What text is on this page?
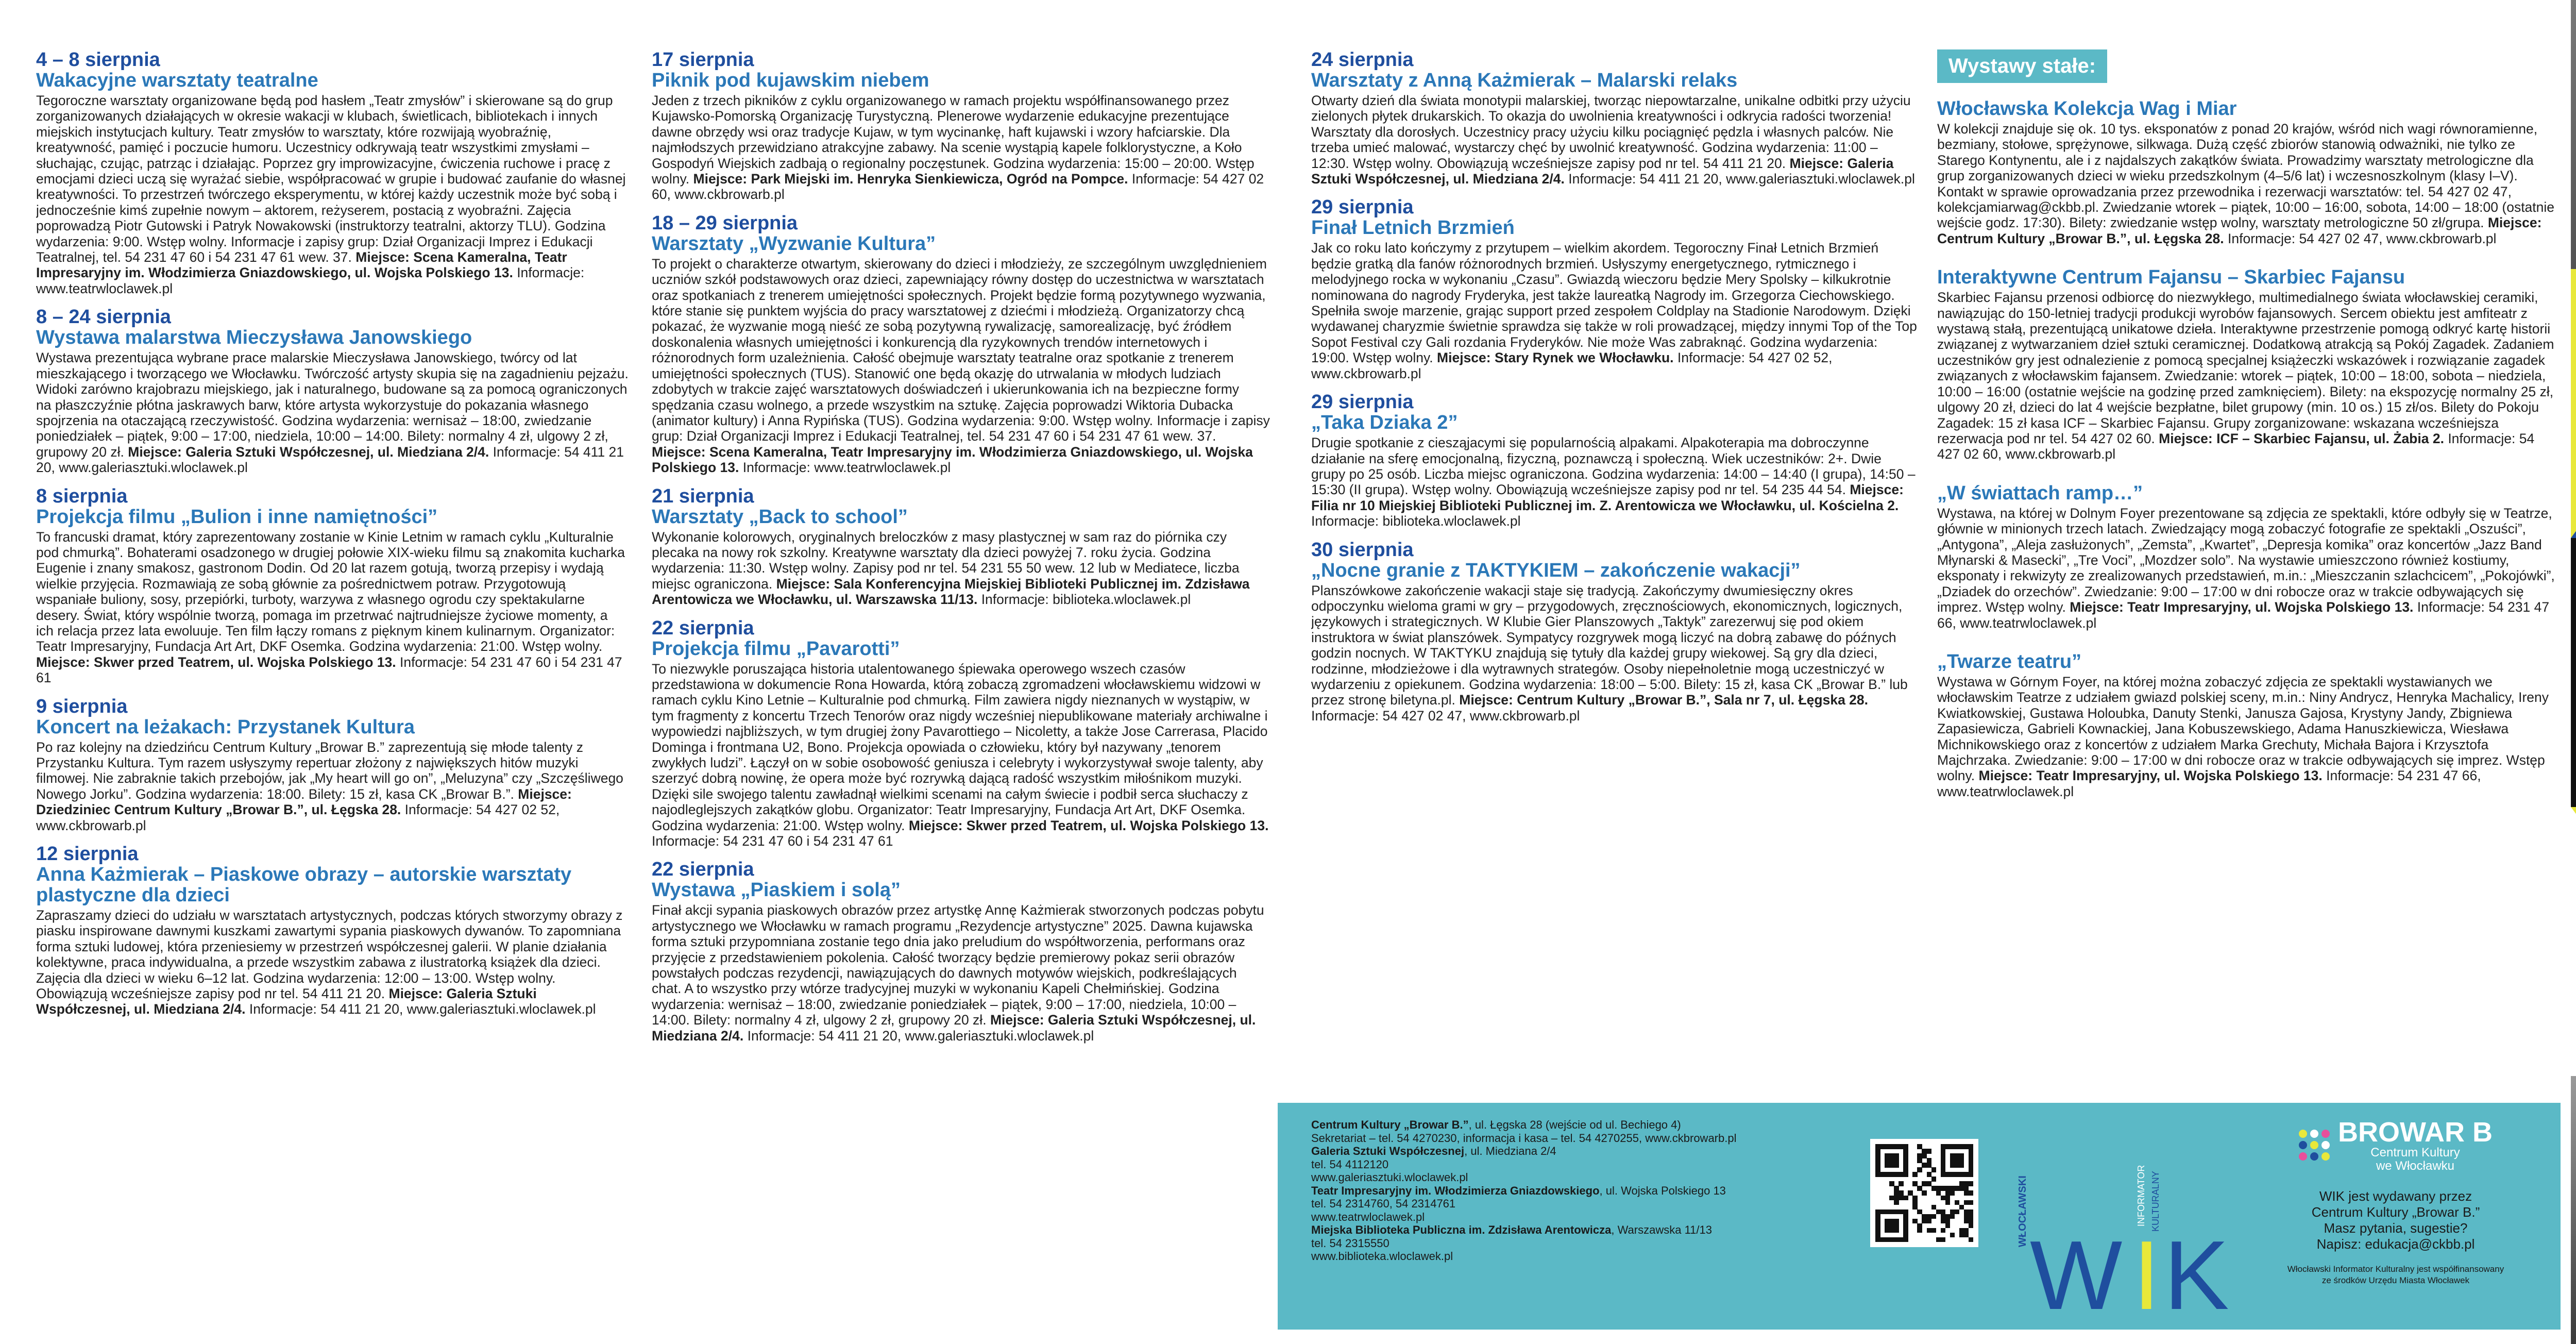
4 – 8 sierpnia
Wakacyjne warsztaty teatralne
Tegoroczne warsztaty organizowane będą pod hasłem „Teatr zmysłów” i skierowane są do grup zorganizowanych działających w okresie wakacji w klubach, świetlicach, bibliotekach i innych miejskich instytucjach kultury. Teatr zmysłów to warsztaty, które rozwijają wyobraźnię, kreatywność, pamięć i poczucie humoru. Uczestnicy odkrywają teatr wszystkimi zmysłami – słuchając, czując, patrząc i działając. Poprzez gry improwizacyjne, ćwiczenia ruchowe i pracę z emocjami dzieci uczą się wyrażać siebie, współpracować w grupie i budować zaufanie do własnej kreatywności. To przestrzeń twórczego eksperymentu, w której każdy uczestnik może być sobą i jednocześnie kimś zupełnie nowym – aktorem, reżyserem, postacią z wyobraźni. Zajęcia poprowadzą Piotr Gutowski i Patryk Nowakowski (instruktorzy teatralni, aktorzy TLU). Godzina wydarzenia: 9:00. Wstęp wolny. Informacje i zapisy grup: Dział Organizacji Imprez i Edukacji Teatralnej, tel. 54 231 47 60 i 54 231 47 61 wew. 37. Miejsce: Scena Kameralna, Teatr Impresaryjny im. Włodzimierza Gniazdowskiego, ul. Wojska Polskiego 13. Informacje: www.teatrwloclawek.pl
8 – 24 sierpnia
Wystawa malarstwa Mieczysława Janowskiego
Wystawa prezentująca wybrane prace malarskie Mieczysława Janowskiego, twórcy od lat mieszkającego i tworzącego we Włocławku. Twórczość artysty skupia się na zagadnieniu pejzażu. Widoki zarówno krajobrazu miejskiego, jak i naturalnego, budowane są za pomocą ograniczonych na płaszczyźnie płótna jaskrawych barw, które artysta wykorzystuje do pokazania własnego spojrzenia na otaczającą rzeczywistość. Godzina wydarzenia: wernisaż – 18:00, zwiedzanie poniedziałek – piątek, 9:00 – 17:00, niedziela, 10:00 – 14:00. Bilety: normalny 4 zł, ulgowy 2 zł, grupowy 20 zł. Miejsce: Galeria Sztuki Współczesnej, ul. Miedziana 2/4. Informacje: 54 411 21 20, www.galeriasztuki.wloclawek.pl
8 sierpnia
Projekcja filmu „Bulion i inne namiętności”
To francuski dramat, który zaprezentowany zostanie w Kinie Letnim w ramach cyklu „Kulturalnie pod chmurką”. Bohaterami osadzonego w drugiej połowie XIX-wieku filmu są znakomita kucharka Eugenie i znany smakosz, gastronom Dodin. Od 20 lat razem gotują, tworzą przepisy i wydają wielkie przyjęcia. Rozmawiają ze sobą głównie za pośrednictwem potraw. Przygotowują wspaniałe buliony, sosy, przepiórki, turboty, warzywa z własnego ogrodu czy spektakularne desery. Świat, który wspólnie tworzą, pomaga im przetrwać najtrudniejsze życiowe momenty, a ich relacja przez lata ewoluuje. Ten film łączy romans z pięknym kinem kulinarnym. Organizator: Teatr Impresaryjny, Fundacja Art Art, DKF Osemka. Godzina wydarzenia: 21:00. Wstęp wolny. Miejsce: Skwer przed Teatrem, ul. Wojska Polskiego 13. Informacje: 54 231 47 60 i 54 231 47 61
9 sierpnia
Koncert na leżakach: Przystanek Kultura
Po raz kolejny na dziedzińcu Centrum Kultury „Browar B.” zaprezentują się młode talenty z Przystanku Kultura. Tym razem usłyszymy repertuar złożony z największych hitów muzyki filmowej. Nie zabraknie takich przebojów, jak „My heart will go on”, „Meluzyna” czy „Szczęśliwego Nowego Jorku”. Godzina wydarzenia: 18:00. Bilety: 15 zł, kasa CK „Browar B.”. Miejsce: Dziedziniec Centrum Kultury „Browar B.”, ul. Łęgska 28. Informacje: 54 427 02 52, www.ckbrowarb.pl
12 sierpnia
Anna Każmierak – Piaskowe obrazy – autorskie warsztaty plastyczne dla dzieci
Zapraszamy dzieci do udziału w warsztatach artystycznych, podczas których stworzymy obrazy z piasku inspirowane dawnymi kuszkami zawartymi sypania piaskowych dywanów. To zapomniana forma sztuki ludowej, która przeniesiemy w przestrzeń współczesnej galerii. W planie działania kolektywne, praca indywidualna, a przede wszystkim zabawa z ilustratorką książek dla dzieci. Zajęcia dla dzieci w wieku 6–12 lat. Godzina wydarzenia: 12:00 – 13:00. Wstęp wolny. Obowiązują wcześniejsze zapisy pod nr tel. 54 411 21 20. Miejsce: Galeria Sztuki Współczesnej, ul. Miedziana 2/4. Informacje: 54 411 21 20, www.galeriasztuki.wloclawek.pl
17 sierpnia
Piknik pod kujawskim niebem
Jeden z trzech pikników z cyklu organizowanego w ramach projektu współfinansowanego przez Kujawsko-Pomorską Organizację Turystyczną. Plenerowe wydarzenie edukacyjne prezentujące dawne obrzędy wsi oraz tradycje Kujaw, w tym wycinankę, haft kujawski i wzory hafciarskie. Dla najmłodszych przewidziano atrakcyjne zabawy. Na scenie wystąpią kapele folklorystyczne, a Koło Gospodyń Wiejskich zadbają o regionalny poczęstunek. Godzina wydarzenia: 15:00 – 20:00. Wstęp wolny. Miejsce: Park Miejski im. Henryka Sienkiewicza, Ogród na Pompce. Informacje: 54 427 02 60, www.ckbrowarb.pl
18 – 29 sierpnia
Warsztaty „Wyzwanie Kultura”
To projekt o charakterze otwartym, skierowany do dzieci i młodzieży, ze szczególnym uwzględnieniem uczniów szkół podstawowych oraz dzieci, zapewniający równy dostęp do uczestnictwa w warsztatach oraz spotkaniach z trenerem umiejętności społecznych. Projekt będzie formą pozytywnego wyzwania, które stanie się punktem wyjścia do pracy warsztatowej z dziećmi i młodzieżą. Organizatorzy chcą pokazać, że wyzwanie mogą nieść ze sobą pozytywną rywalizację, samorealizację, być źródłem doskonalenia własnych umiejętności i konkurencją dla ryzykownych trendów internetowych i różnorodnych form uzależnienia. Całość obejmuje warsztaty teatralne oraz spotkanie z trenerem umiejętności społecznych (TUS). Stanowić one będą okazję do utrwalania w młodych ludziach zdobytych w trakcie zajęć warsztatowych doświadczeń i ukierunkowania ich na bezpieczne formy spędzania czasu wolnego, a przede wszystkim na sztukę. Zajęcia poprowadzi Wiktoria Dubacka (animator kultury) i Anna Rypińska (TUS). Godzina wydarzenia: 9:00. Wstęp wolny. Informacje i zapisy grup: Dział Organizacji Imprez i Edukacji Teatralnej, tel. 54 231 47 60 i 54 231 47 61 wew. 37. Miejsce: Scena Kameralna, Teatr Impresaryjny im. Włodzimierza Gniazdowskiego, ul. Wojska Polskiego 13. Informacje: www.teatrwloclawek.pl
21 sierpnia
Warsztaty „Back to school”
Wykonanie kolorowych, oryginalnych breloczków z masy plastycznej w sam raz do piórnika czy plecaka na nowy rok szkolny. Kreatywne warsztaty dla dzieci powyżej 7. roku życia. Godzina wydarzenia: 11:30. Wstęp wolny. Zapisy pod nr tel. 54 231 55 50 wew. 12 lub w Mediatece, liczba miejsc ograniczona. Miejsce: Sala Konferencyjna Miejskiej Biblioteki Publicznej im. Zdzisława Arentowicza we Włocławku, ul. Warszawska 11/13. Informacje: biblioteka.wloclawek.pl
22 sierpnia
Projekcja filmu „Pavarotti”
To niezwykle poruszająca historia utalentowanego śpiewaka operowego wszech czasów przedstawiona w dokumencie Rona Howarda, którą zobaczą zgromadzeni włocławskiemu widzowi w ramach cyklu Kino Letnie – Kulturalnie pod chmurką. Film zawiera nigdy nieznanych w wystąpiw, w tym fragmenty z koncertu Trzech Tenorów oraz nigdy wcześniej niepublikowane materiały archiwalne i wypowiedzi najbliższych, w tym drugiej żony Pavarottiego – Nicoletty, a także Jose Carrerasa, Placido Dominga i frontmana U2, Bono. Projekcja opowiada o człowieku, który był nazywany „tenorem zwykłych ludzi”. Łączył on w sobie osobowość geniusza i celebryty i wykorzystywał swoje talenty, aby szerzyć dobrą nowinę, że opera może być rozrywką dającą radość wszystkim miłośnikom muzyki. Dzięki sile swojego talentu zawładnął wielkimi scenami na całym świecie i podbił serca słuchaczy z najodleglejszych zakątków globu. Organizator: Teatr Impresaryjny, Fundacja Art Art, DKF Osemka. Godzina wydarzenia: 21:00. Wstęp wolny. Miejsce: Skwer przed Teatrem, ul. Wojska Polskiego 13. Informacje: 54 231 47 60 i 54 231 47 61
22 sierpnia
Wystawa „Piaskiem i solą”
Finał akcji sypania piaskowych obrazów przez artystkę Annę Każmierak stworzonych podczas pobytu artystycznego we Włocławku w ramach programu „Rezydencje artystyczne” 2025. Dawna kujawska forma sztuki przypomniana zostanie tego dnia jako preludium do współtworzenia, performans oraz przyjęcie z przedstawieniem pokolenia. Całość tworzący będzie premierowy pokaz serii obrazów powstałych podczas rezydencji, nawiązujących do dawnych motywów wiejskich, podkreślających chat. A to wszystko przy wtórze tradycyjnej muzyki w wykonaniu Kapeli Chełmińskiej. Godzina wydarzenia: wernisaż – 18:00, zwiedzanie poniedziałek – piątek, 9:00 – 17:00, niedziela, 10:00 – 14:00. Bilety: normalny 4 zł, ulgowy 2 zł, grupowy 20 zł. Miejsce: Galeria Sztuki Współczesnej, ul. Miedziana 2/4. Informacje: 54 411 21 20, www.galeriasztuki.wloclawek.pl
24 sierpnia
Warsztaty z Anną Każmierak – Malarski relaks
Otwarty dzień dla świata monotypii malarskiej, tworząc niepowtarzalne, unikalne odbitki przy użyciu zielonych płytek drukarskich. To okazja do uwolnienia kreatywności i odkrycia radości tworzenia! Warsztaty dla dorosłych. Uczestnicy pracy użyciu kilku pociągnięć pędzla i własnych palców. Nie trzeba umieć malować, wystarczy chęć by uwolnić kreatywność. Godzina wydarzenia: 11:00 – 12:30. Wstęp wolny. Obowiązują wcześniejsze zapisy pod nr tel. 54 411 21 20. Miejsce: Galeria Sztuki Współczesnej, ul. Miedziana 2/4. Informacje: 54 411 21 20, www.galeriasztuki.wloclawek.pl
29 sierpnia
Finał Letnich Brzmień
Jak co roku lato kończymy z przytupem – wielkim akordem. Tegoroczny Finał Letnich Brzmień będzie gratką dla fanów różnorodnych brzmień. Usłyszymy energetycznego, rytmicznego i melodyjnego rocka w wykonaniu „Czasu”. Gwiazdą wieczoru będzie Mery Spolsky – kilkukrotnie nominowana do nagrody Fryderyka, jest także laureatką Nagrody im. Grzegorza Ciechowskiego. Spełniła swoje marzenie, grając support przed zespołem Coldplay na Stadionie Narodowym. Dzięki wydawanej charyzmie świetnie sprawdza się także w roli prowadzącej, między innymi Top of the Top Sopot Festival czy Gali rozdania Fryderyków. Nie może Was zabraknąć. Godzina wydarzenia: 19:00. Wstęp wolny. Miejsce: Stary Rynek we Włocławku. Informacje: 54 427 02 52, www.ckbrowarb.pl
29 sierpnia
„Taka Dziaka 2”
Drugie spotkanie z ciesząjacymi się popularnością alpakami. Alpakoterapia ma dobroczynne działanie na sferę emocjonalną, fizyczną, poznawczą i społeczną. Wiek uczestników: 2+. Dwie grupy po 25 osób. Liczba miejsc ograniczona. Godzina wydarzenia: 14:00 – 14:40 (I grupa), 14:50 – 15:30 (II grupa). Wstęp wolny. Obowiązują wcześniejsze zapisy pod nr tel. 54 235 44 54. Miejsce: Filia nr 10 Miejskiej Biblioteki Publicznej im. Z. Arentowicza we Włocławku, ul. Kościelna 2. Informacje: biblioteka.wloclawek.pl
30 sierpnia
„Nocne granie z TAKTYKIEM – zakończenie wakacji”
Planszówkowe zakończenie wakacji staje się tradycją. Zakończymy dwumiesięczny okres odpoczynku wieloma grami w gry – przygodowych, zręcznościowych, ekonomicznych, logicznych, językowych i strategicznych. W Klubie Gier Planszowych „Taktyk” zarezerwuj się pod okiem instruktora w świat planszówek. Sympatycy rozgrywek mogą liczyć na dobrą zabawę do późnych godzin nocnych. W TAKTYKU znajdują się tytuły dla każdej grupy wiekowej. Są gry dla dzieci, rodzinne, młodzieżowe i dla wytrawnych strategów. Osoby niepełnoletnie mogą uczestniczyć w wydarzeniu z opiekunem. Godzina wydarzenia: 18:00 – 5:00. Bilety: 15 zł, kasa CK „Browar B.” lub przez stronę biletyna.pl. Miejsce: Centrum Kultury „Browar B.”, Sala nr 7, ul. Łęgska 28. Informacje: 54 427 02 47, www.ckbrowarb.pl
Wystawy stałe:
Włocławska Kolekcja Wag i Miar
W kolekcji znajduje się ok. 10 tys. eksponatów z ponad 20 krajów, wśród nich wagi równoramienne, bezmiany, stołowe, sprężynowe, silkwaga. Dużą część zbiorów stanowią odważniki, nie tylko ze Starego Kontynentu, ale i z najdalszych zakątków świata. Prowadzimy warsztaty metrologiczne dla grup zorganizowanych dzieci w wieku przedszkolnym (4–5/6 lat) i wczesnoszkolnym (klasy I–V). Kontakt w sprawie oprowadzania przez przewodnika i rezerwacji warsztatów: tel. 54 427 02 47, kolekcjamiarwag@ckbb.pl. Zwiedzanie wtorek – piątek, 10:00 – 16:00, sobota, 14:00 – 18:00 (ostatnie wejście godz. 17:30). Bilety: zwiedzanie wstęp wolny, warsztaty metrologiczne 50 zł/grupa. Miejsce: Centrum Kultury „Browar B.”, ul. Łęgska 28. Informacje: 54 427 02 47, www.ckbrowarb.pl
Interaktywne Centrum Fajansu – Skarbiec Fajansu
Skarbiec Fajansu przenosi odbiorcę do niezwykłego, multimedialnego świata włocławskiej ceramiki, nawiązując do 150-letniej tradycji produkcji wyrobów fajansowych. Sercem obiektu jest amfiteatr z wystawą stałą, prezentującą unikatowe dzieła. Interaktywne przestrzenie pomogą odkryć kartę historii związanej z wytwarzaniem dzieł sztuki ceramicznej. Dodatkową atrakcją są Pokój Zagadek. Zadaniem uczestników gry jest odnalezienie z pomocą specjalnej książeczki wskazówek i rozwiązanie zagadek związanych z włocławskim fajansem. Zwiedzanie: wtorek – piątek, 10:00 – 18:00, sobota – niedziela, 10:00 – 16:00 (ostatnie wejście na godzinę przed zamknięciem). Bilety: na ekspozycję normalny 25 zł, ulgowy 20 zł, dzieci do lat 4 wejście bezpłatne, bilet grupowy (min. 10 os.) 15 zł/os. Bilety do Pokoju Zagadek: 15 zł kasa ICF – Skarbiec Fajansu. Grupy zorganizowane: wskazana wcześniejsza rezerwacja pod nr tel. 54 427 02 60. Miejsce: ICF – Skarbiec Fajansu, ul. Żabia 2. Informacje: 54 427 02 60, www.ckbrowarb.pl
„W świattach ramp…”
Wystawa, na której w Dolnym Foyer prezentowane są zdjęcia ze spektakli, które odbyły się w Teatrze, głównie w minionych trzech latach. Zwiedzający mogą zobaczyć fotografie ze spektakli „Oszuści”, „Antygona”, „Aleja zasłużonych”, „Zemsta”, „Kwartet”, „Depresja komika” oraz koncertów „Jazz Band Młynarski & Masecki”, „Tre Voci”, „Mozdzer solo”. Na wystawie umieszczono również kostiumy, eksponaty i rekwizyty ze zrealizowanych przedstawień, m.in.: „Mieszczanin szlachcicem”, „Pokojówki”, „Dziadek do orzechów”. Zwiedzanie: 9:00 – 17:00 w dni robocze oraz w trakcie odbywających się imprez. Wstęp wolny. Miejsce: Teatr Impresaryjny, ul. Wojska Polskiego 13. Informacje: 54 231 47 66, www.teatrwloclawek.pl
„Twarze teatru”
Wystawa w Górnym Foyer, na której można zobaczyć zdjęcia ze spektakli wystawianych we włocławskim Teatrze z udziałem gwiazd polskiej sceny, m.in.: Niny Andrycz, Henryka Machalicy, Ireny Kwiatkowskiej, Gustawa Holoubka, Danuty Stenki, Janusza Gajosa, Krystyny Jandy, Zbigniewa Zapasiewicza, Gabrieli Kownackiej, Jana Kobuszewskiego, Adama Hanuszkiewicza, Wiesława Michnikowskiego oraz z koncertów z udziałem Marka Grechuty, Michała Bajora i Krzysztofa Majchrzaka. Zwiedzanie: 9:00 – 17:00 w dni robocze oraz w trakcie odbywających się imprez. Wstęp wolny. Miejsce: Teatr Impresaryjny, ul. Wojska Polskiego 13. Informacje: 54 231 47 66, www.teatrwloclawek.pl
Centrum Kultury „Browar B.”, ul. Łęgska 28 (wejście od ul. Bechiego 4)
Sekretariat – tel. 54 4270230, informacja i kasa – tel. 54 4270255, www.ckbrowarb.pl
Galeria Sztuki Współczesnej, ul. Miedziana 2/4
tel. 54 4112120
www.galeriasztuki.wloclawek.pl
Teatr Impresaryjny im. Włodzimierza Gniazdowskiego, ul. Wojska Polskiego 13
tel. 54 2314760, 54 2314761
www.teatrwloclawek.pl
Miejska Biblioteka Publiczna im. Zdzisława Arentowicza, Warszawska 11/13
tel. 54 2315550
www.biblioteka.wloclawek.pl	W I K
WŁOCŁAWSKI	INFORMATOR KULTURALNY
BROWAR B
Centrum Kultury
we Włocławku
WIK jest wydawany przez
Centrum Kultury „Browar B.”
Masz pytania, sugestie?
Napisz: edukacja@ckbb.pl
Włocławski Informator Kulturalny jest współfinansowany
ze środków Urzędu Miasta Włocławek
